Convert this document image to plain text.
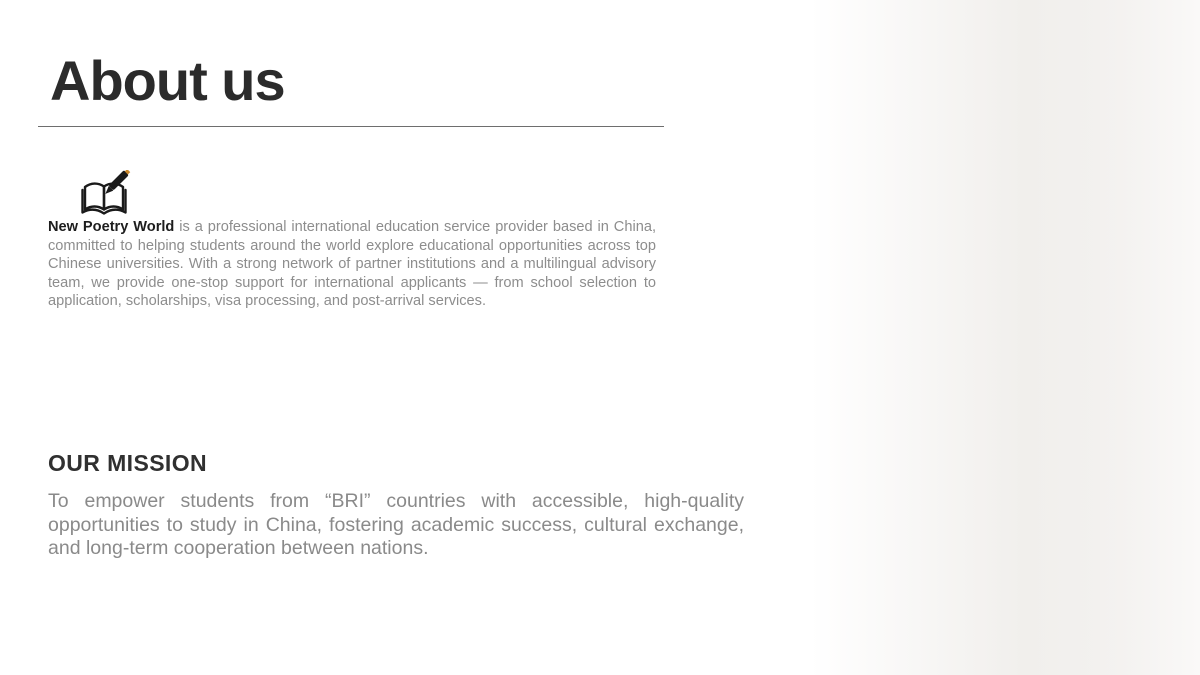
About us

New Poetry World is a professional international education service provider based in China, committed to helping students around the world explore educational opportunities across top Chinese universities. With a strong network of partner institutions and a multilingual advisory team, we provide one-stop support for international applicants — from school selection to application, scholarships, visa processing, and post-arrival services.

OUR MISSION

To empower students from “BRI” countries with accessible, high-quality opportunities to study in China, fostering academic success, cultural exchange, and long-term cooperation between nations.
